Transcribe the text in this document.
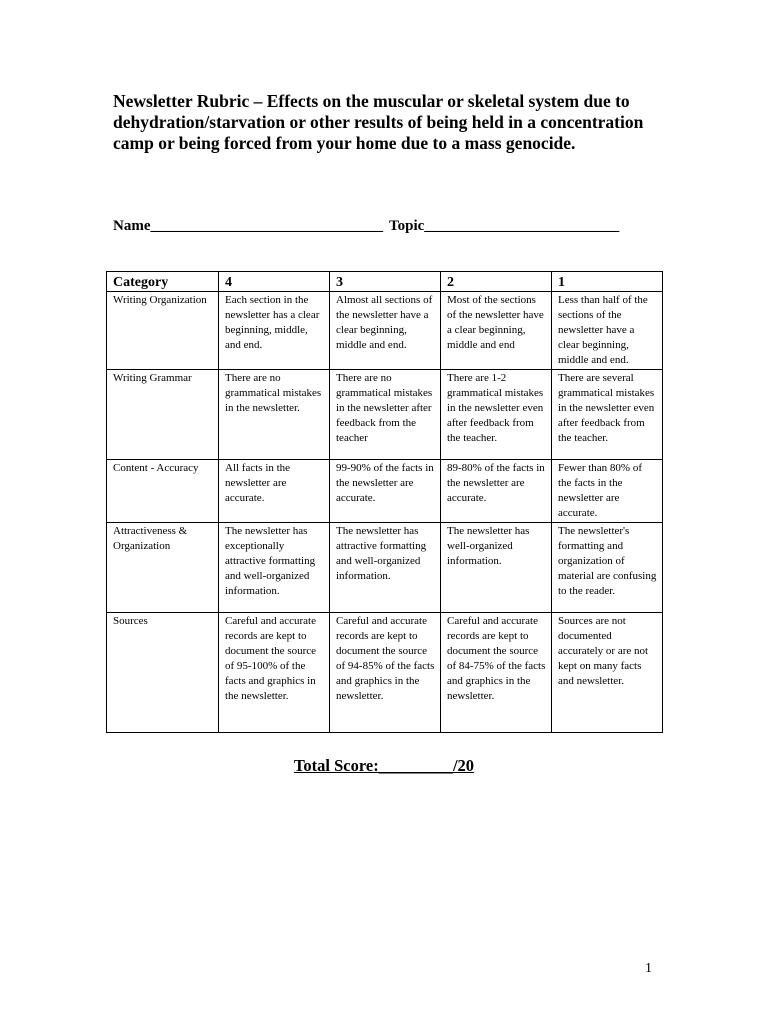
Newsletter Rubric – Effects on the muscular or skeletal system due to dehydration/starvation or other results of being held in a concentration camp or being forced from your home due to a mass genocide.

Name_______________________________ Topic__________________________
Category	4	3	2	1
Writing Organization	Each section in the newsletter has a clear beginning, middle, and end.	Almost all sections of the newsletter have a clear beginning, middle and end.	Most of the sections of the newsletter have a clear beginning, middle and end	Less than half of the sections of the newsletter have a clear beginning, middle and end.
Writing Grammar	There are no grammatical mistakes in the newsletter.	There are no grammatical mistakes in the newsletter after feedback from the teacher	There are 1-2 grammatical mistakes in the newsletter even after feedback from the teacher.	There are several grammatical mistakes in the newsletter even after feedback from the teacher.
Content - Accuracy	All facts in the newsletter are accurate.	99-90% of the facts in the newsletter are accurate.	89-80% of the facts in the newsletter are accurate.	Fewer than 80% of the facts in the newsletter are accurate.
Attractiveness & Organization	The newsletter has exceptionally attractive formatting and well-organized information.	The newsletter has attractive formatting and well-organized information.	The newsletter has well-organized information.	The newsletter's formatting and organization of material are confusing to the reader.
Sources	Careful and accurate records are kept to document the source of 95-100% of the facts and graphics in the newsletter.	Careful and accurate records are kept to document the source of 94-85% of the facts and graphics in the newsletter.	Careful and accurate records are kept to document the source of 84-75% of the facts and graphics in the newsletter.	Sources are not documented accurately or are not kept on many facts and newsletter.
Total Score:_________/20
1
